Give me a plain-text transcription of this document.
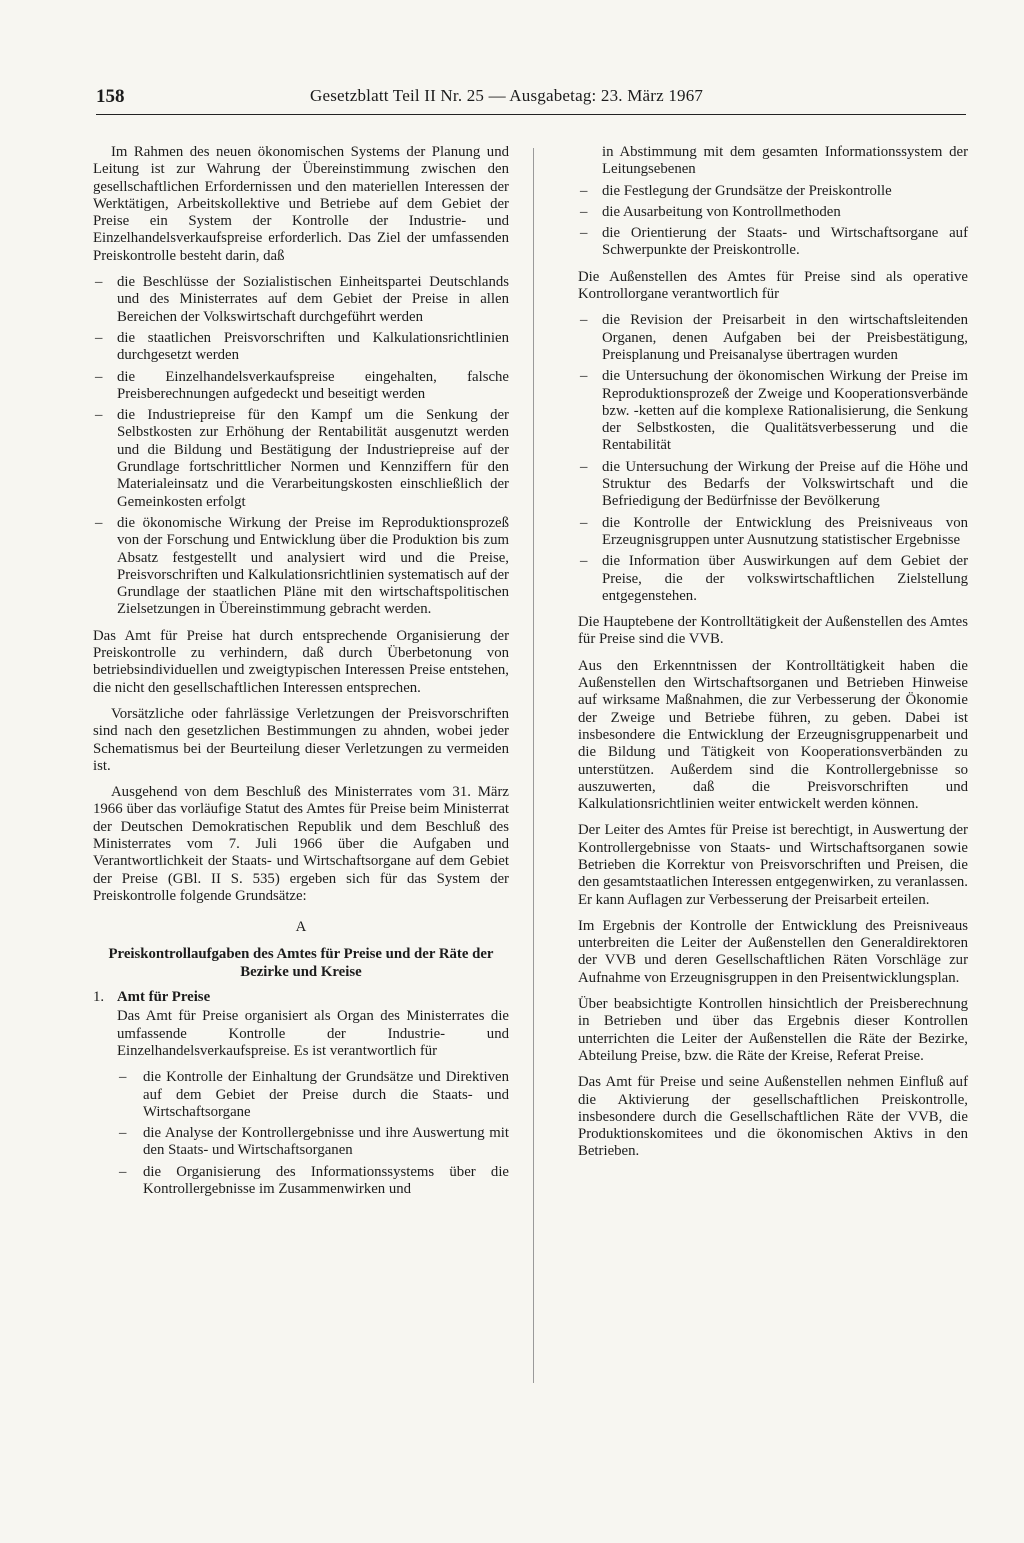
158	Gesetzblatt Teil II Nr. 25 — Ausgabetag: 23. März 1967

Im Rahmen des neuen ökonomischen Systems der Planung und Leitung ist zur Wahrung der Übereinstimmung zwischen den gesellschaftlichen Erfordernissen und den materiellen Interessen der Werktätigen, Arbeitskollektive und Betriebe auf dem Gebiet der Preise ein System der Kontrolle der Industrie- und Einzelhandelsverkaufspreise erforderlich. Das Ziel der umfassenden Preiskontrolle besteht darin, daß

– die Beschlüsse der Sozialistischen Einheitspartei Deutschlands und des Ministerrates auf dem Gebiet der Preise in allen Bereichen der Volkswirtschaft durchgeführt werden
– die staatlichen Preisvorschriften und Kalkulationsrichtlinien durchgesetzt werden
– die Einzelhandelsverkaufspreise eingehalten, falsche Preisberechnungen aufgedeckt und beseitigt werden
– die Industriepreise für den Kampf um die Senkung der Selbstkosten zur Erhöhung der Rentabilität ausgenutzt werden und die Bildung und Bestätigung der Industriepreise auf der Grundlage fortschrittlicher Normen und Kennziffern für den Materialeinsatz und die Verarbeitungskosten einschließlich der Gemeinkosten erfolgt
– die ökonomische Wirkung der Preise im Reproduktionsprozeß von der Forschung und Entwicklung über die Produktion bis zum Absatz festgestellt und analysiert wird und die Preise, Preisvorschriften und Kalkulationsrichtlinien systematisch auf der Grundlage der staatlichen Pläne mit den wirtschaftspolitischen Zielsetzungen in Übereinstimmung gebracht werden.

Das Amt für Preise hat durch entsprechende Organisierung der Preiskontrolle zu verhindern, daß durch Überbetonung von betriebsindividuellen und zweigtypischen Interessen Preise entstehen, die nicht den gesellschaftlichen Interessen entsprechen.

Vorsätzliche oder fahrlässige Verletzungen der Preisvorschriften sind nach den gesetzlichen Bestimmungen zu ahnden, wobei jeder Schematismus bei der Beurteilung dieser Verletzungen zu vermeiden ist.

Ausgehend von dem Beschluß des Ministerrates vom 31. März 1966 über das vorläufige Statut des Amtes für Preise beim Ministerrat der Deutschen Demokratischen Republik und dem Beschluß des Ministerrates vom 7. Juli 1966 über die Aufgaben und Verantwortlichkeit der Staats- und Wirtschaftsorgane auf dem Gebiet der Preise (GBl. II S. 535) ergeben sich für das System der Preiskontrolle folgende Grundsätze:

A
Preiskontrollaufgaben des Amtes für Preise und der Räte der Bezirke und Kreise
1. Amt für Preise

Das Amt für Preise organisiert als Organ des Ministerrates die umfassende Kontrolle der Industrie- und Einzelhandelsverkaufspreise. Es ist verantwortlich für

– die Kontrolle der Einhaltung der Grundsätze und Direktiven auf dem Gebiet der Preise durch die Staats- und Wirtschaftsorgane
– die Analyse der Kontrollergebnisse und ihre Auswertung mit den Staats- und Wirtschaftsorganen
– die Organisierung des Informationssystems über die Kontrollergebnisse im Zusammenwirken und

in Abstimmung mit dem gesamten Informationssystem der Leitungsebenen

– die Festlegung der Grundsätze der Preiskontrolle
– die Ausarbeitung von Kontrollmethoden
– die Orientierung der Staats- und Wirtschaftsorgane auf Schwerpunkte der Preiskontrolle.

Die Außenstellen des Amtes für Preise sind als operative Kontrollorgane verantwortlich für

– die Revision der Preisarbeit in den wirtschaftsleitenden Organen, denen Aufgaben bei der Preisbestätigung, Preisplanung und Preisanalyse übertragen wurden
– die Untersuchung der ökonomischen Wirkung der Preise im Reproduktionsprozeß der Zweige und Kooperationsverbände bzw. -ketten auf die komplexe Rationalisierung, die Senkung der Selbstkosten, die Qualitätsverbesserung und die Rentabilität
– die Untersuchung der Wirkung der Preise auf die Höhe und Struktur des Bedarfs der Volkswirtschaft und die Befriedigung der Bedürfnisse der Bevölkerung
– die Kontrolle der Entwicklung des Preisniveaus von Erzeugnisgruppen unter Ausnutzung statistischer Ergebnisse
– die Information über Auswirkungen auf dem Gebiet der Preise, die der volkswirtschaftlichen Zielstellung entgegenstehen.

Die Hauptebene der Kontrolltätigkeit der Außenstellen des Amtes für Preise sind die VVB.

Aus den Erkenntnissen der Kontrolltätigkeit haben die Außenstellen den Wirtschaftsorganen und Betrieben Hinweise auf wirksame Maßnahmen, die zur Verbesserung der Ökonomie der Zweige und Betriebe führen, zu geben. Dabei ist insbesondere die Entwicklung der Erzeugnisgruppenarbeit und die Bildung und Tätigkeit von Kooperationsverbänden zu unterstützen. Außerdem sind die Kontrollergebnisse so auszuwerten, daß die Preisvorschriften und Kalkulationsrichtlinien weiter entwickelt werden können.

Der Leiter des Amtes für Preise ist berechtigt, in Auswertung der Kontrollergebnisse von Staats- und Wirtschaftsorganen sowie Betrieben die Korrektur von Preisvorschriften und Preisen, die den gesamtstaatlichen Interessen entgegenwirken, zu veranlassen. Er kann Auflagen zur Verbesserung der Preisarbeit erteilen.

Im Ergebnis der Kontrolle der Entwicklung des Preisniveaus unterbreiten die Leiter der Außenstellen den Generaldirektoren der VVB und deren Gesellschaftlichen Räten Vorschläge zur Aufnahme von Erzeugnisgruppen in den Preisentwicklungsplan.

Über beabsichtigte Kontrollen hinsichtlich der Preisberechnung in Betrieben und über das Ergebnis dieser Kontrollen unterrichten die Leiter der Außenstellen die Räte der Bezirke, Abteilung Preise, bzw. die Räte der Kreise, Referat Preise.

Das Amt für Preise und seine Außenstellen nehmen Einfluß auf die Aktivierung der gesellschaftlichen Preiskontrolle, insbesondere durch die Gesellschaftlichen Räte der VVB, die Produktionskomitees und die ökonomischen Aktivs in den Betrieben.
